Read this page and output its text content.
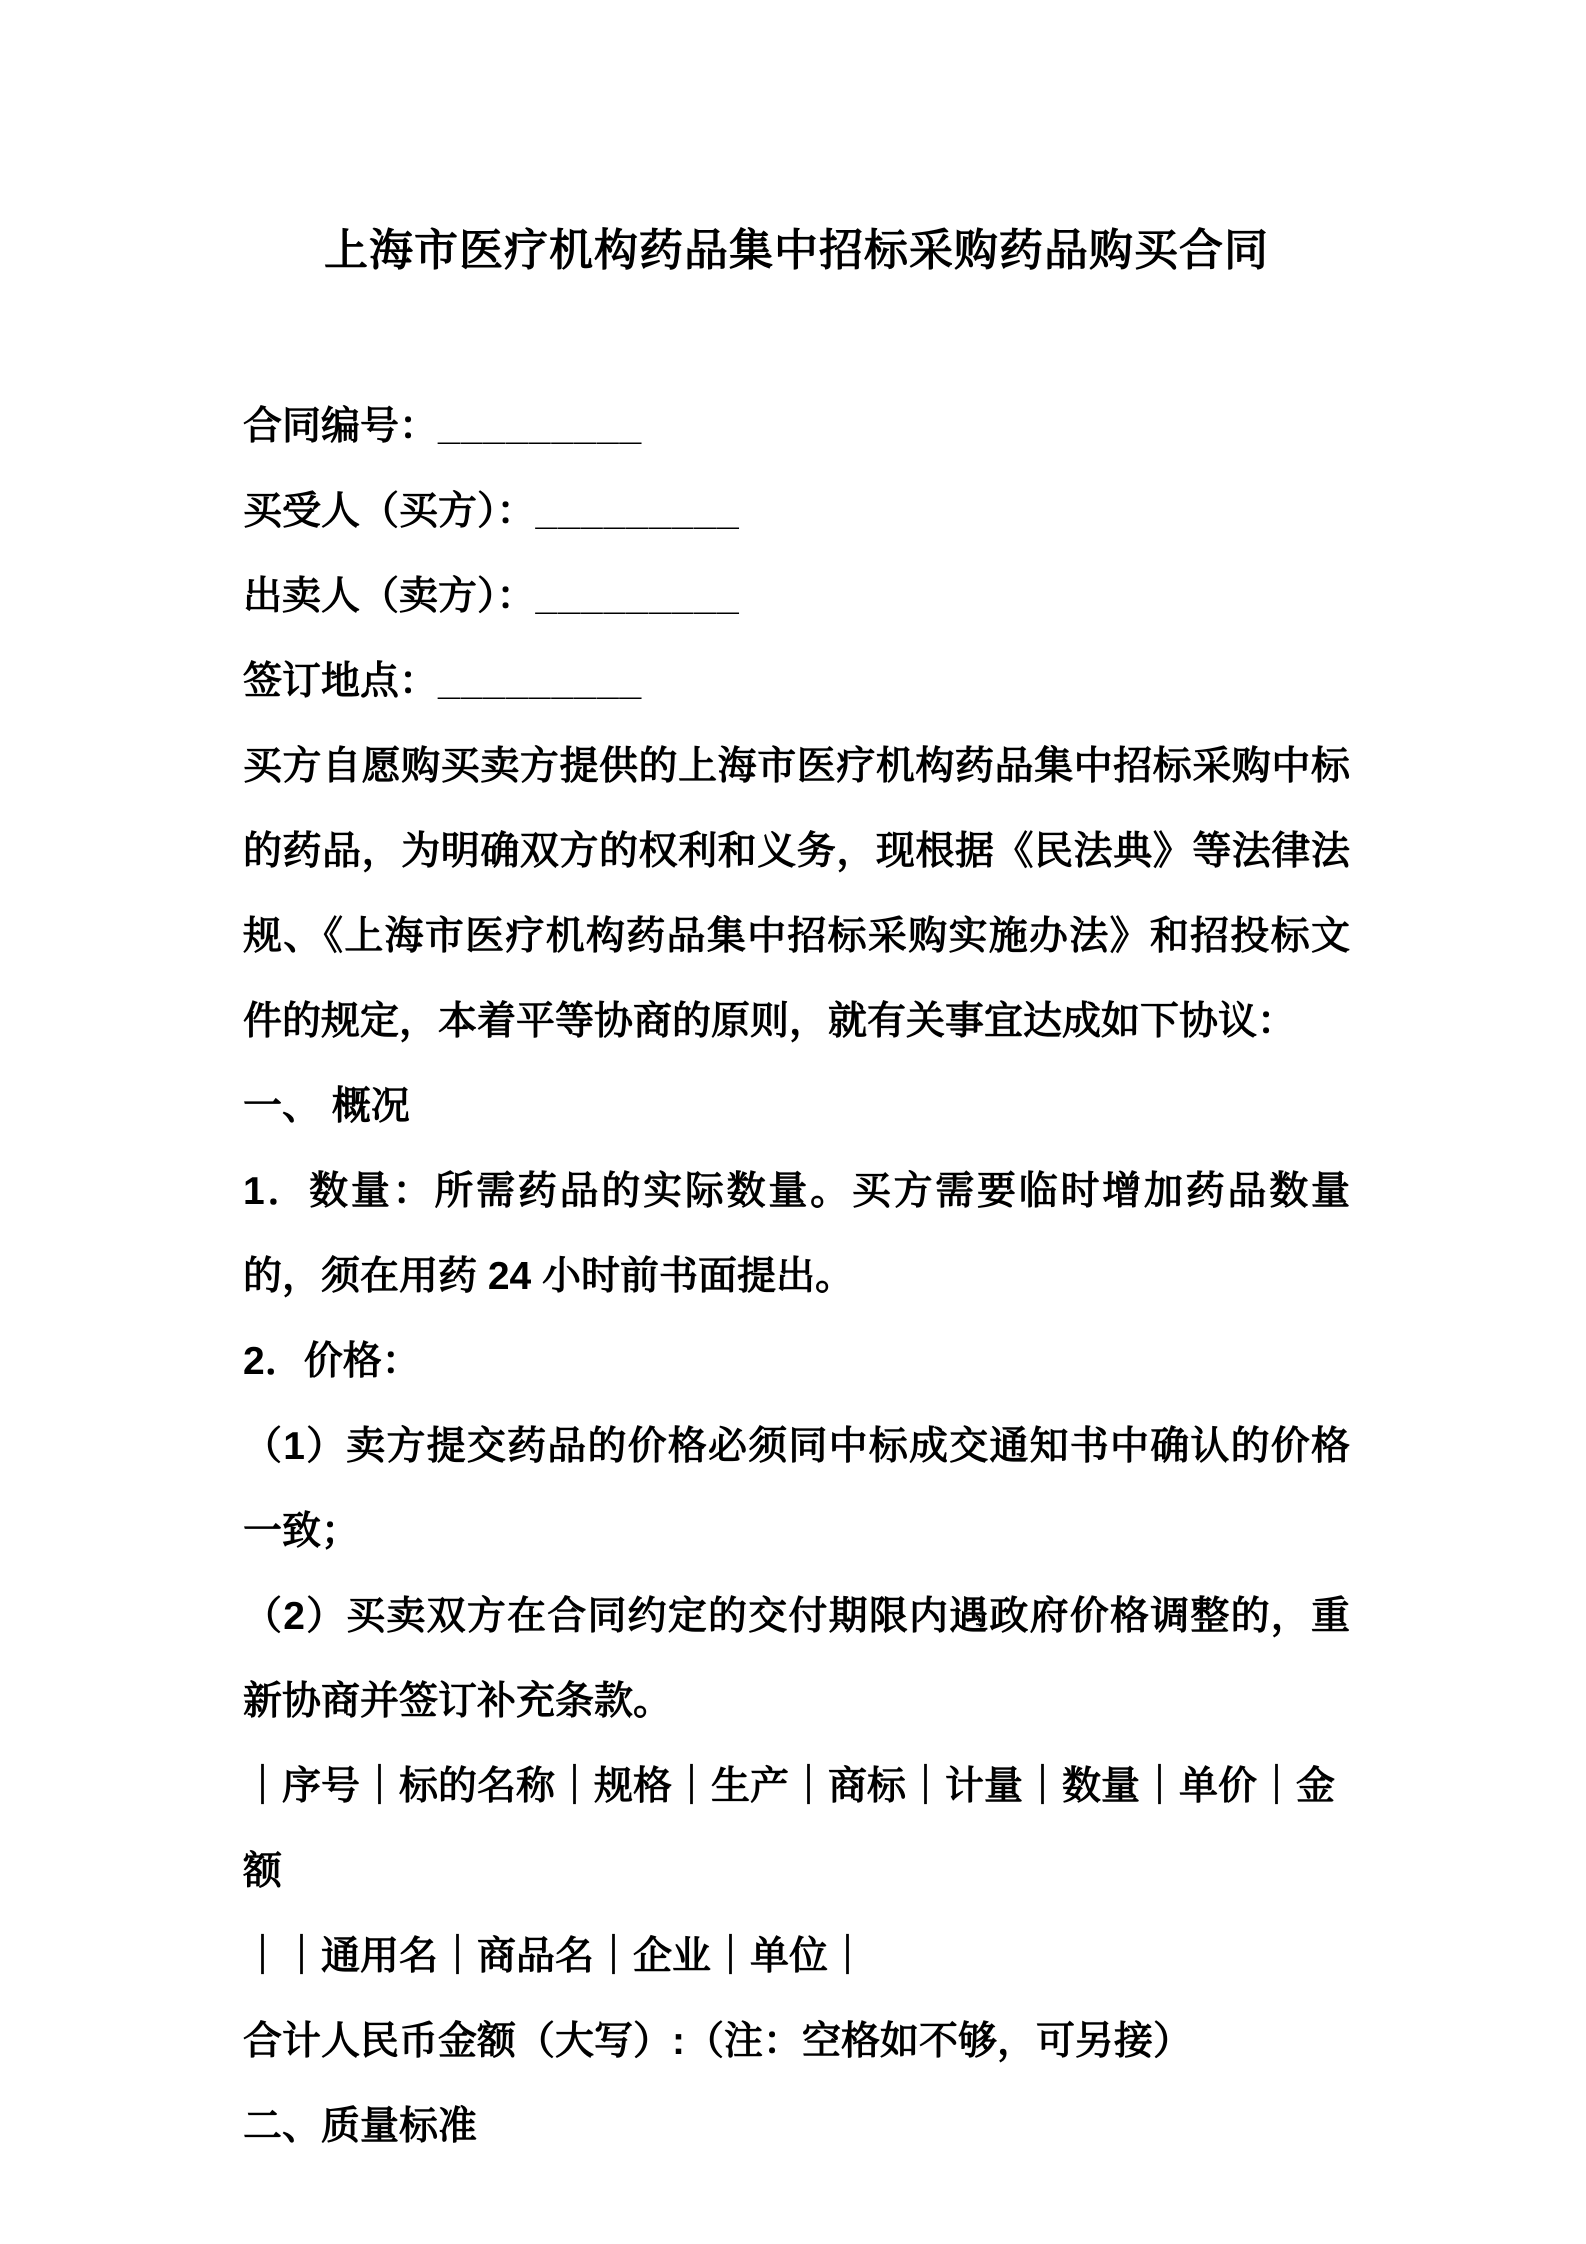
上海市医疗机构药品集中招标采购药品购买合同

合同编号：_________

买受人（买方）：_________

出卖人（卖方）：_________

签订地点：_________

买方自愿购买卖方提供的上海市医疗机构药品集中招标采购中标的药品，为明确双方的权利和义务，现根据《民法典》等法律法规、《上海市医疗机构药品集中招标采购实施办法》和招投标文件的规定，本着平等协商的原则，就有关事宜达成如下协议：

一、 概况

1．数量：所需药品的实际数量。买方需要临时增加药品数量的，须在用药 24 小时前书面提出。

2．价格：

（1）卖方提交药品的价格必须同中标成交通知书中确认的价格一致；

（2）买卖双方在合同约定的交付期限内遇政府价格调整的，重新协商并签订补充条款。

｜序号｜标的名称｜规格｜生产｜商标｜计量｜数量｜单价｜金额

｜｜通用名｜商品名｜企业｜单位｜

合计人民币金额（大写）:（注：空格如不够，可另接）

二、质量标准
